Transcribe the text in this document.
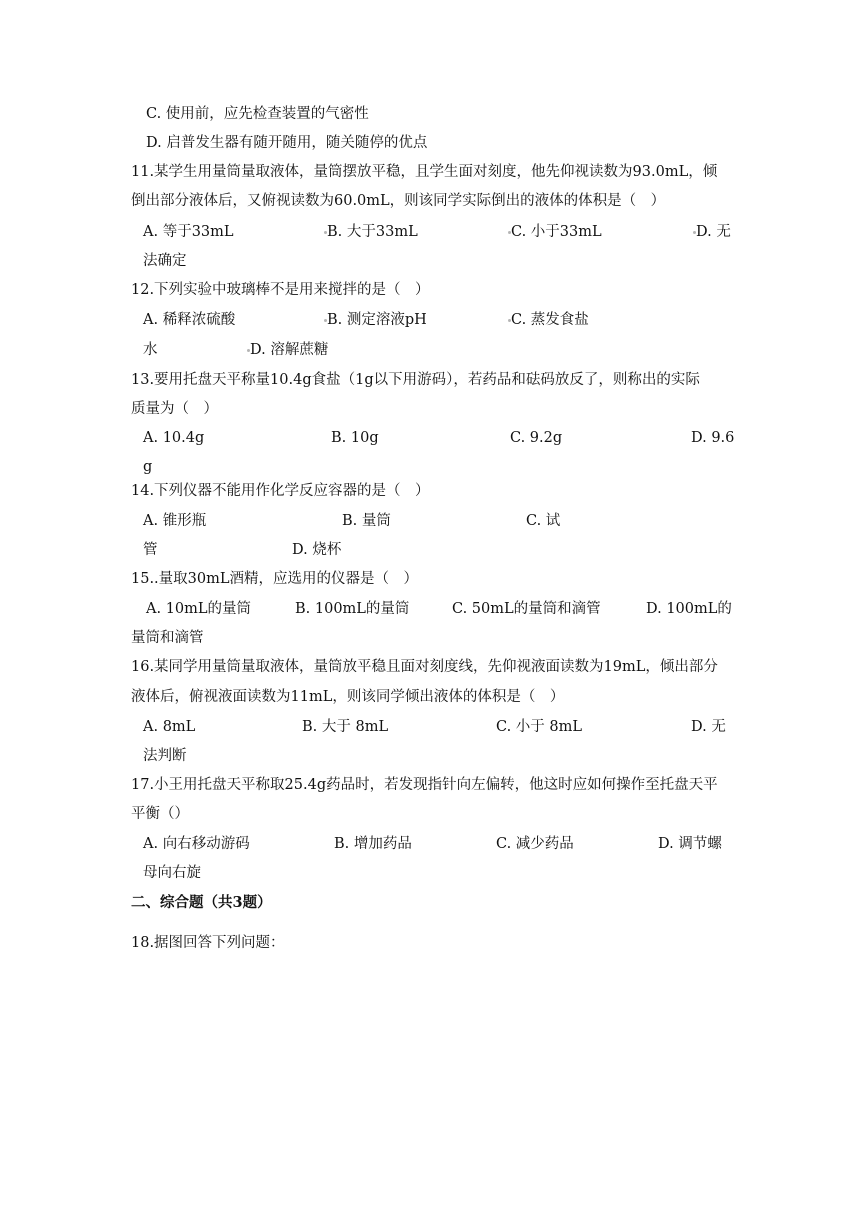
C. 使用前，应先检查装置的气密性
D. 启普发生器有随开随用，随关随停的优点
11.某学生用量筒量取液体，量筒摆放平稳，且学生面对刻度，他先仰视读数为93.0mL，倾
倒出部分液体后，又俯视读数为60.0mL，则该同学实际倒出的液体的体积是（　）
A. 等于33mL	B. 大于33mL	C. 小于33mL	D. 无
法确定
12.下列实验中玻璃棒不是用来搅拌的是（　）
A. 稀释浓硫酸	B. 测定溶液pH	C. 蒸发食盐
水	D. 溶解蔗糖
13.要用托盘天平称量10.4g食盐（1g以下用游码），若药品和砝码放反了，则称出的实际
质量为（　）
A. 10.4g	B. 10g	C. 9.2g	D. 9.6
g
14.下列仪器不能用作化学反应容器的是（　）
A. 锥形瓶	B. 量筒	C. 试
管	D. 烧杯
15..量取30mL酒精，应选用的仪器是（　）
A. 10mL的量筒	B. 100mL的量筒	C. 50mL的量筒和滴管	D. 100mL的
量筒和滴管
16.某同学用量筒量取液体，量筒放平稳且面对刻度线，先仰视液面读数为19mL，倾出部分
液体后，俯视液面读数为11mL，则该同学倾出液体的体积是（　）
A. 8mL	B. 大于 8mL	C. 小于 8mL	D. 无
法判断
17.小王用托盘天平称取25.4g药品时，若发现指针向左偏转，他这时应如何操作至托盘天平
平衡（）
A. 向右移动游码	B. 增加药品	C. 减少药品	D. 调节螺
母向右旋
二、综合题（共3题）
18.据图回答下列问题：
